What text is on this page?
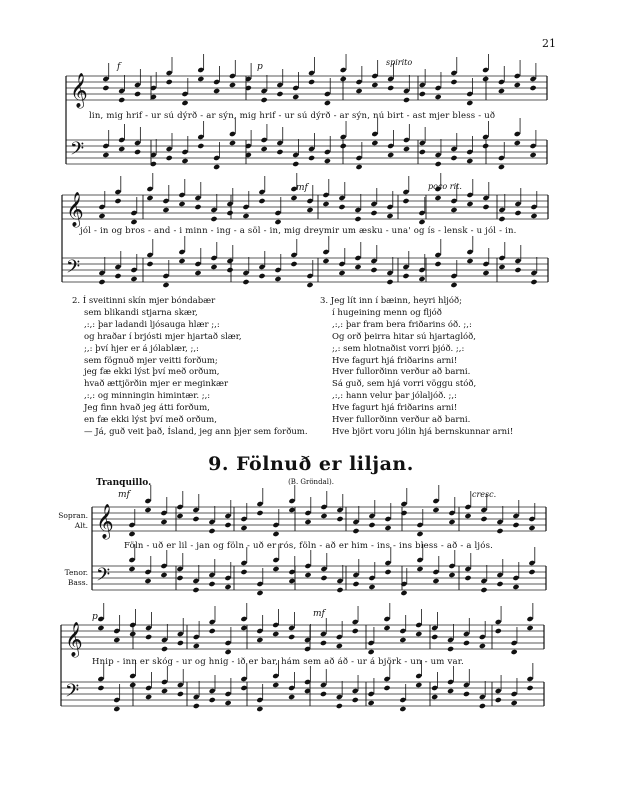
𝄞
𝄢
𝄞
𝄢
𝄞
𝄢
𝄞
𝄢
21
f	p	spirito
lin, mig hrif - ur sú dýrð - ar sýn, mig hrif - ur sú dýrð - ar sýn, nú birt - ast mjer bless - uð
mf	poco rit.
jól - in og bros - and - i minn - ing - a söl - in, mig dreymir um æsku - una' og ís - lensk - u jól - in.
2. Í sveitinni skín mjer bóndabær
sem blikandi stjarna skær,
,:,: þar ladandi ljósauga hlær ;,:
og hraðar í brjósti mjer hjartað slær,
;,: því hjer er á jólablær, ;,:
sem fögnuð mjer veitti forðum;
jeg fæ ekki lýst því með orðum,
hvað ættjörðin mjer er meginkær
,:,: og minningin himintær. ;,:
Jeg finn hvað jeg átti forðum,
en fæ ekki lýst því með orðum,
— Já, guð veit það, Ísland, jeg ann þjer sem forðum.
3. Jeg lít inn í bæinn, heyri hljóð;
í hugeining menn og fljóð
,:,: þar fram bera friðarins óð. ;,:
Og orð þeirra hitar sú hjartaglóð,
;,: sem hlotnaðist vorri þjóð. ;,:
Hve fagurt hjá friðarins arni!
Hver fullorðinn verður að barni.
Sá guð, sem hjá vorri vöggu stóð,
,:,: hann velur þar jólaljóð. ;,:
Hve fagurt hjá friðarins arni!
Hver fullorðinn verður að barni.
Hve björt voru jólin hjá bernskunnar arni!
9. Fölnuð er liljan.
(B. Gröndal).
Tranquillo.
Sopran.
Alt.
Tenor.
Bass.
mf	cresc.
Föln - uð er lil - jan og föln - uð er rós, föln - að er him - ins - ins bless - að - a ljós.
p	mf
Hnip - inn er skóg - ur og hnig - ið er bar, hám sem að áð - ur á björk - un - um var.
